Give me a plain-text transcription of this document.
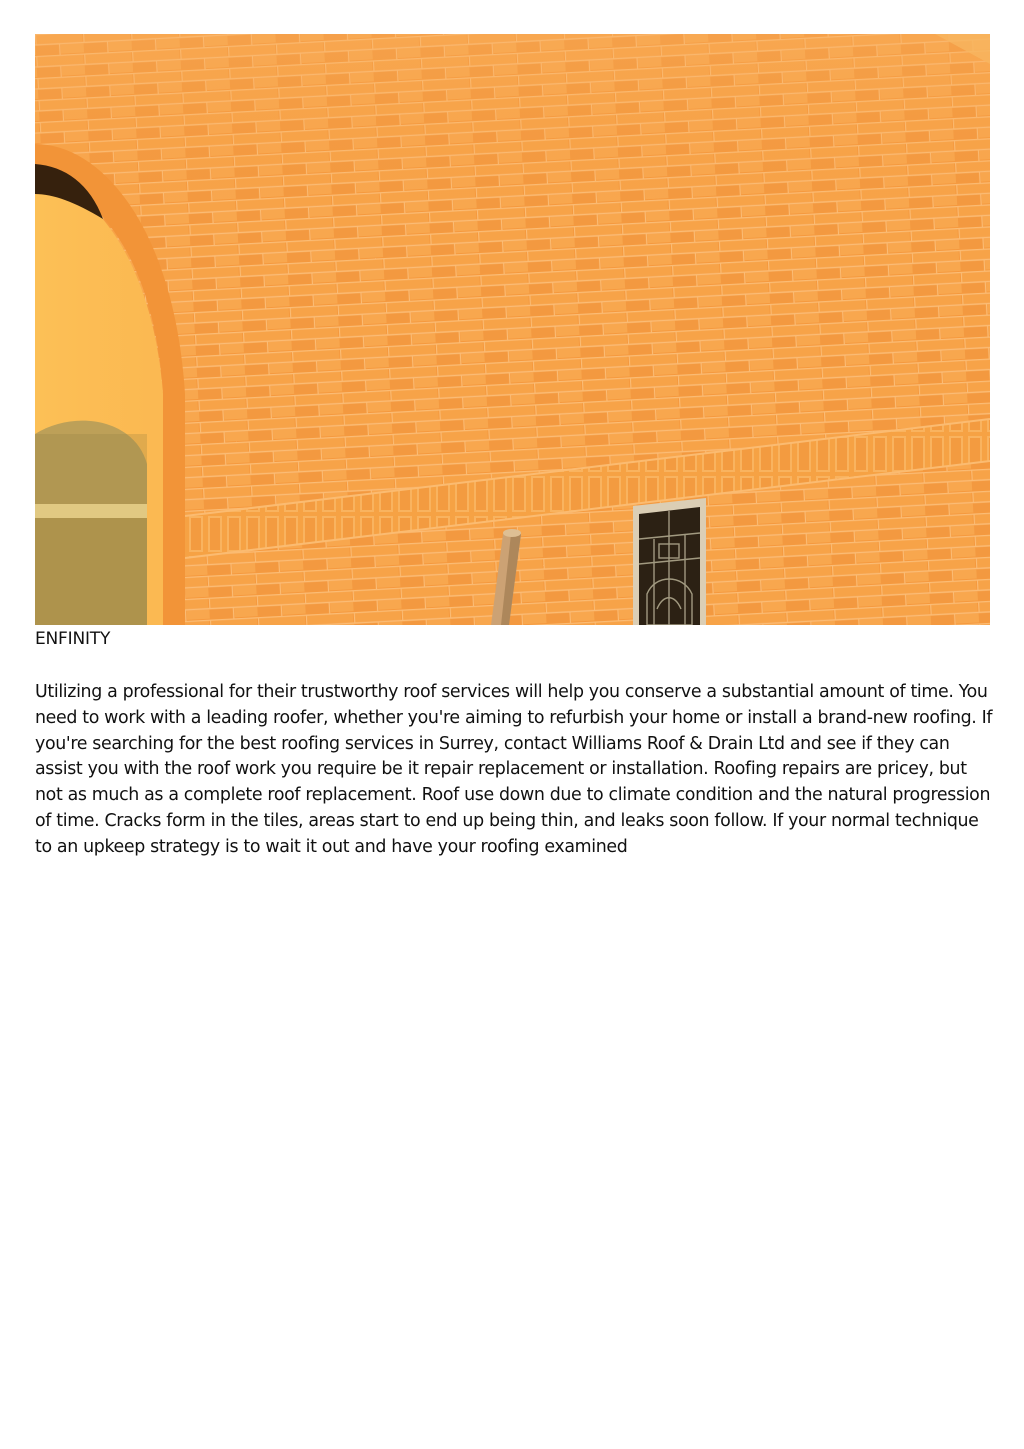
ENFINITY

Utilizing a professional for their trustworthy roof services will help you conserve a substantial amount of time. You need to work with a leading roofer, whether you're aiming to refurbish your home or install a brand-new roofing. If you're searching for the best roofing services in Surrey, contact Williams Roof & Drain Ltd and see if they can assist you with the roof work you require be it repair replacement or installation. Roofing repairs are pricey, but not as much as a complete roof replacement. Roof use down due to climate condition and the natural progression of time. Cracks form in the tiles, areas start to end up being thin, and leaks soon follow. If your normal technique to an upkeep strategy is to wait it out and have your roofing examined
